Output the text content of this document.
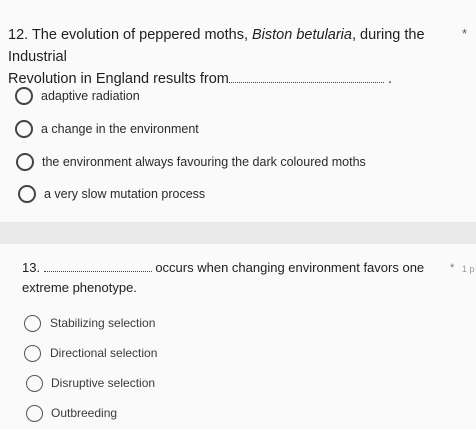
12. The evolution of peppered moths, Biston betularia, during the Industrial
Revolution in England results from	.
*
adaptive radiation
a change in the environment
the environment always favouring the dark coloured moths
a very slow mutation process
13.	occurs when changing environment favors one
extreme phenotype.
* 1 p
Stabilizing selection
Directional selection
Disruptive selection
Outbreeding
